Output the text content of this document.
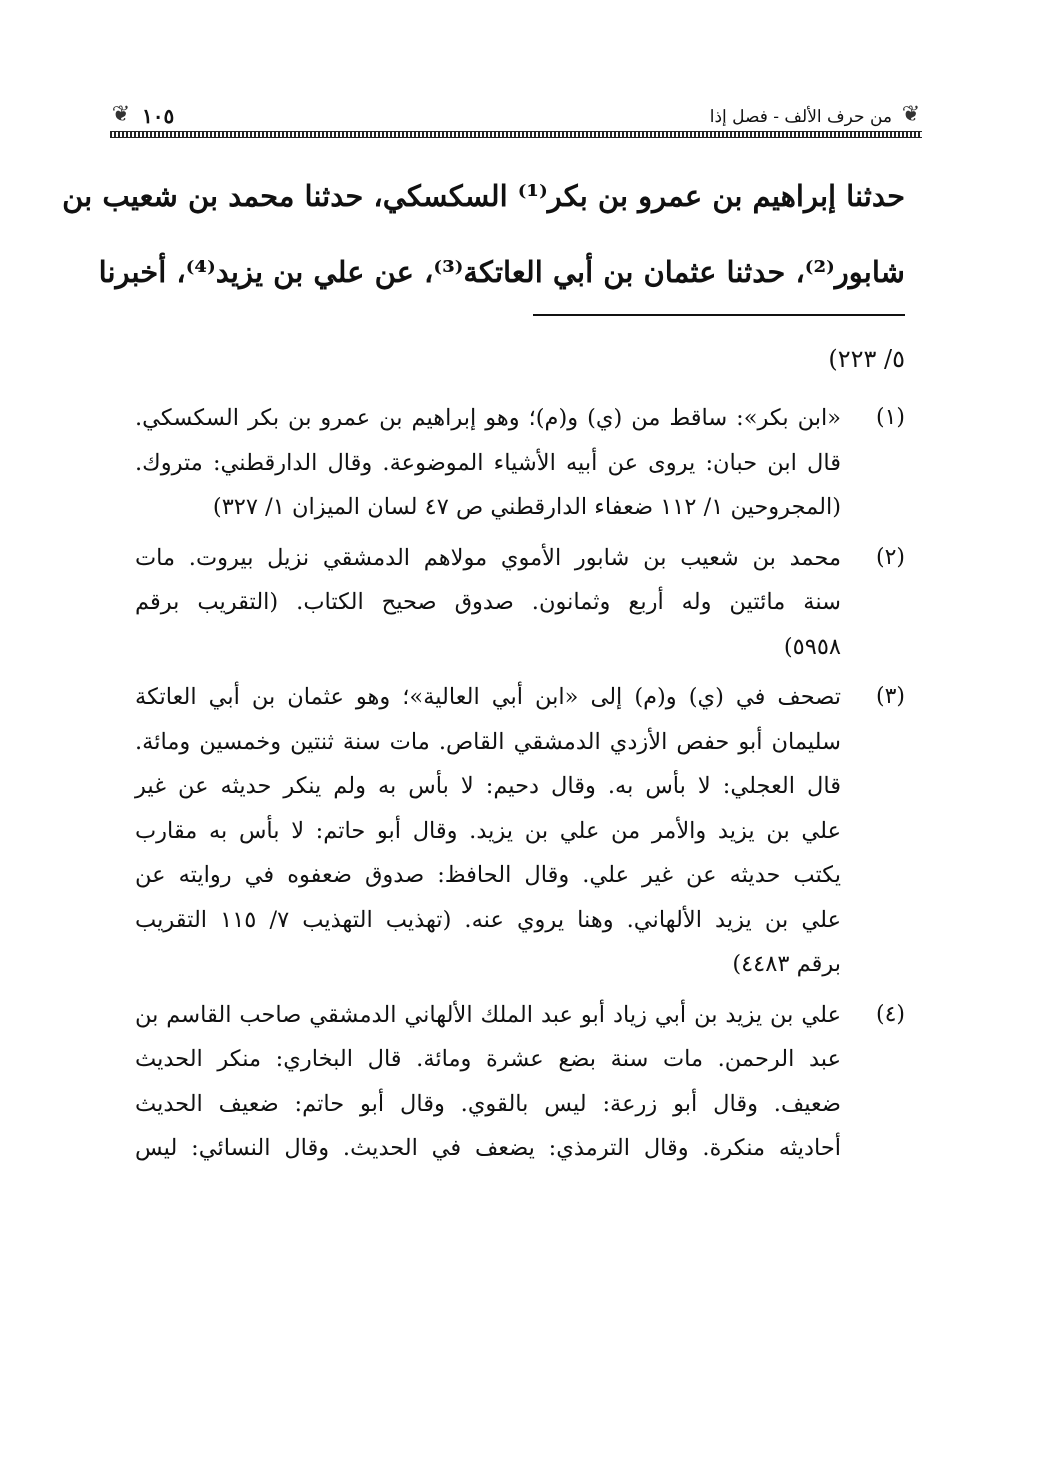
❦
من حرف الألف - فصل إذا
❦ ١٠٥
حدثنا إبراهيم بن عمرو بن بكر⁽¹⁾ السكسكي، حدثنا محمد بن شعيب بن
شابور⁽²⁾، حدثنا عثمان بن أبي العاتكة⁽³⁾، عن علي بن يزيد⁽⁴⁾، أخبرنا
٥/ ٢٢٣)
(١)
«ابن بكر»: ساقط من (ي) و(م)؛ وهو إبراهيم بن عمرو بن بكر السكسكي.
قال ابن حبان: يروى عن أبيه الأشياء الموضوعة. وقال الدارقطني: متروك.
(المجروحين ١/ ١١٢ ضعفاء الدارقطني ص ٤٧ لسان الميزان ١/ ٣٢٧)
(٢)
محمد بن شعيب بن شابور الأموي مولاهم الدمشقي نزيل بيروت. مات
سنة مائتين وله أربع وثمانون. صدوق صحيح الكتاب. (التقريب برقم
٥٩٥٨)
(٣)
تصحف في (ي) و(م) إلى «ابن أبي العالية»؛ وهو عثمان بن أبي العاتكة
سليمان أبو حفص الأزدي الدمشقي القاص. مات سنة ثنتين وخمسين ومائة.
قال العجلي: لا بأس به. وقال دحيم: لا بأس به ولم ينكر حديثه عن غير
علي بن يزيد والأمر من علي بن يزيد. وقال أبو حاتم: لا بأس به مقارب
يكتب حديثه عن غير علي. وقال الحافظ: صدوق ضعفوه في روايته عن
علي بن يزيد الألهاني. وهنا يروي عنه. (تهذيب التهذيب ٧/ ١١٥ التقريب
برقم ٤٤٨٣)
(٤)
علي بن يزيد بن أبي زياد أبو عبد الملك الألهاني الدمشقي صاحب القاسم بن
عبد الرحمن. مات سنة بضع عشرة ومائة. قال البخاري: منكر الحديث
ضعيف. وقال أبو زرعة: ليس بالقوي. وقال أبو حاتم: ضعيف الحديث
أحاديثه منكرة. وقال الترمذي: يضعف في الحديث. وقال النسائي: ليس
